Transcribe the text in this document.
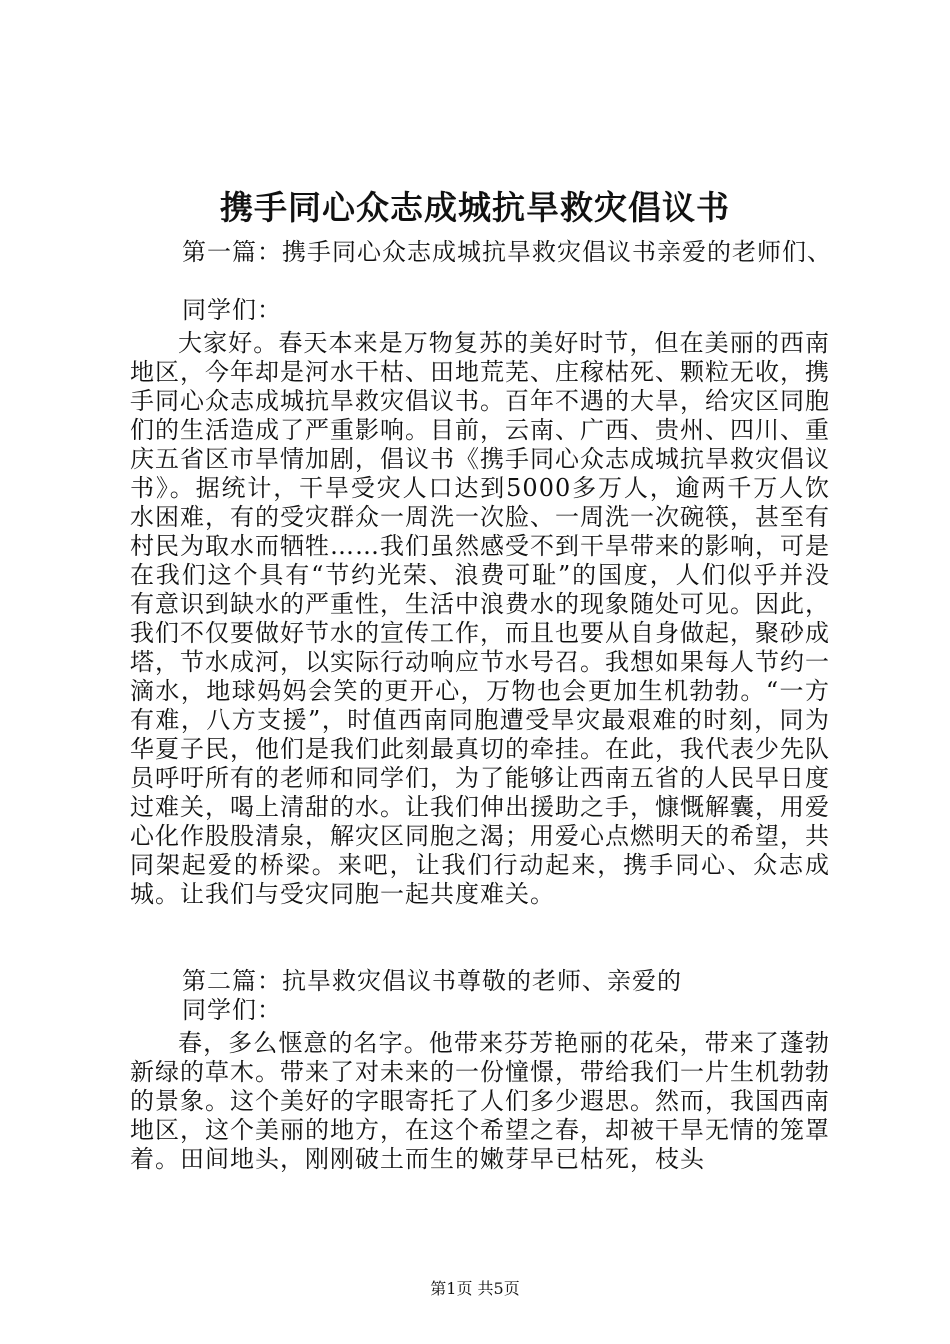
携手同心众志成城抗旱救灾倡议书
第一篇：携手同心众志成城抗旱救灾倡议书亲爱的老师们、
同学们：

大家好。春天本来是万物复苏的美好时节，但在美丽的西南地区，今年却是河水干枯、田地荒芜、庄稼枯死、颗粒无收，携手同心众志成城抗旱救灾倡议书。百年不遇的大旱，给灾区同胞们的生活造成了严重影响。目前，云南、广西、贵州、四川、重庆五省区市旱情加剧，倡议书《携手同心众志成城抗旱救灾倡议书》。据统计，干旱受灾人口达到5000多万人，逾两千万人饮水困难，有的受灾群众一周洗一次脸、一周洗一次碗筷，甚至有村民为取水而牺牲……我们虽然感受不到干旱带来的影响，可是在我们这个具有“节约光荣、浪费可耻”的国度，人们似乎并没有意识到缺水的严重性，生活中浪费水的现象随处可见。因此，我们不仅要做好节水的宣传工作，而且也要从自身做起，聚砂成塔，节水成河，以实际行动响应节水号召。我想如果每人节约一滴水，地球妈妈会笑的更开心，万物也会更加生机勃勃。“一方有难，八方支援”，时值西南同胞遭受旱灾最艰难的时刻，同为华夏子民，他们是我们此刻最真切的牵挂。在此，我代表少先队员呼吁所有的老师和同学们，为了能够让西南五省的人民早日度过难关，喝上清甜的水。让我们伸出援助之手，慷慨解囊，用爱心化作股股清泉，解灾区同胞之渴；用爱心点燃明天的希望，共同架起爱的桥梁。来吧，让我们行动起来，携手同心、众志成城。让我们与受灾同胞一起共度难关。

第二篇：抗旱救灾倡议书尊敬的老师、亲爱的
同学们：

春，多么惬意的名字。他带来芬芳艳丽的花朵，带来了蓬勃新绿的草木。带来了对未来的一份憧憬，带给我们一片生机勃勃的景象。这个美好的字眼寄托了人们多少遐思。然而，我国西南地区，这个美丽的地方，在这个希望之春，却被干旱无情的笼罩着。田间地头，刚刚破土而生的嫩芽早已枯死，枝头

第1页 共5页
